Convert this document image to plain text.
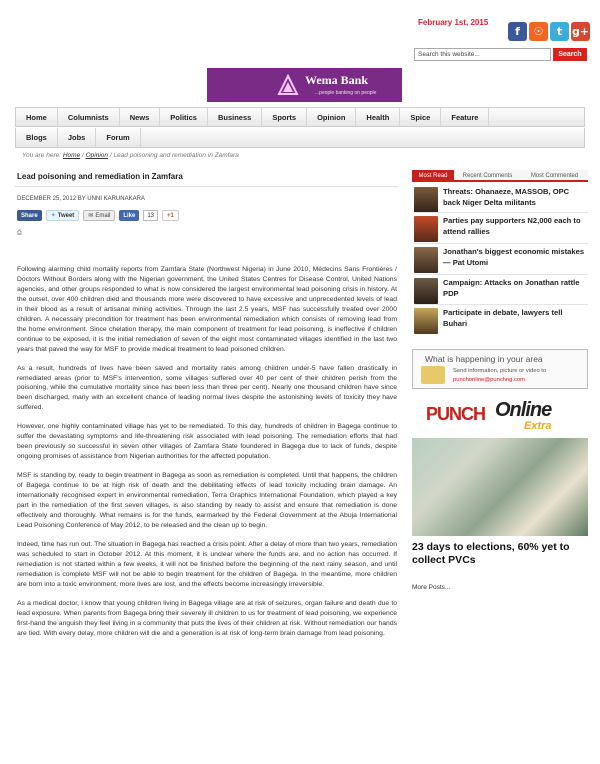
February 1st, 2015
f	☉	t g+
Search this website...	Search
Wema Bank
...people banking on people
Home	Columnists	News	Politics	Business	Sports	Opinion	Health	Spice	Feature
Blogs	Jobs	Forum
You are here: Home / Opinion / Lead poisoning and remediation in Zamfara
Lead poisoning and remediation in Zamfara
DECEMBER 25, 2012 BY UNNI KARUNAKARA
Share ✦ Tweet ✉ Email Like	13	+1
⎙

Following alarming child mortality reports from Zamfara State (Northwest Nigeria) in June 2010, Médecins Sans Frontières / Doctors Without Borders along with the Nigerian government, the United States Centres for Disease Control, United Nations agencies, and other groups responded to what is now considered the largest environmental lead poisoning crisis in history. At the outset, over 400 children died and thousands more were discovered to have excessive and unprecedented levels of lead in their blood as a result of artisanal mining activities. Through the last 2.5 years, MSF has successfully treated over 2000 children. A necessary precondition for treatment has been environmental remediation which consists of removing lead from the home environment. Since chelation therapy, the main component of treatment for lead poisoning, is ineffective if children continue to be exposed, it is the initial remediation of seven of the eight most contaminated villages identified in the last two years that paved the way for MSF to provide medical treatment to lead poisoned children.

As a result, hundreds of lives have been saved and mortality rates among children under-5 have fallen drastically in remediated areas (prior to MSF's intervention, some villages suffered over 40 per cent of their children perish from the poisoning, while the cumulative mortality since has been less than three per cent). Nearly one thousand children have since been discharged, many with an excellent chance of leading normal lives despite the astonishing levels of toxicity they have suffered.

However, one highly contaminated village has yet to be remediated. To this day, hundreds of children in Bagega continue to suffer the devastating symptoms and life-threatening risk associated with lead poisoning. The remediation efforts that had been previously so successful in seven other villages of Zamfara State foundered in Bagega due to lack of funds, despite ongoing promises of assistance from Nigerian authorities for the affected population.

MSF is standing by, ready to begin treatment in Bagega as soon as remediation is completed. Until that happens, the children of Bagega continue to be at high risk of death and the debilitating effects of lead toxicity including brain damage. An internationally recognised expert in environmental remediation, Terra Graphics International Foundation, which played a key part in the remediation of the first seven villages, is also standing by ready to assist and ensure that remediation is done effectively and thoroughly. What remains is for the funds, earmarked by the Federal Government at the Abuja International Lead Poisoning Conference of May 2012, to be released and the clean up to begin.

Indeed, time has run out. The situation in Bagega has reached a crisis point. After a delay of more than two years, remediation was scheduled to start in October 2012. At this moment, it is unclear where the funds are, and no action has occurred. If remediation is not started within a few weeks, it will not be finished before the beginning of the next rainy season, and until remediation is complete MSF will not be able to begin treatment for the children of Bagega. In the meantime, more children are born into a toxic environment, more lives are lost, and the effects become increasingly irreversible.

As a medical doctor, I know that young children living in Bagega village are at risk of seizures, organ failure and death due to lead exposure. When parents from Bagega bring their severely ill children to us for treatment of lead poisoning, we experience first-hand the anguish they feel living in a community that puts the lives of their children at risk. Without remediation our hands are tied. With every delay, more children will die and a generation is at risk of long-term brain damage from lead poisoning.

Most Read	Recent Comments	Most Commented
Threats: Ohanaeze, MASSOB, OPC back Niger Delta militants
Parties pay supporters N2,000 each to attend rallies
Jonathan's biggest economic mistakes — Pat Utomi
Campaign: Attacks on Jonathan rattle PDP
Participate in debate, lawyers tell Buhari
What is happening in your area
Send information, picture or video to
punchonline@punchng.com
PUNCH Online
Extra
23 days to elections, 60% yet to collect PVCs
More Posts...
